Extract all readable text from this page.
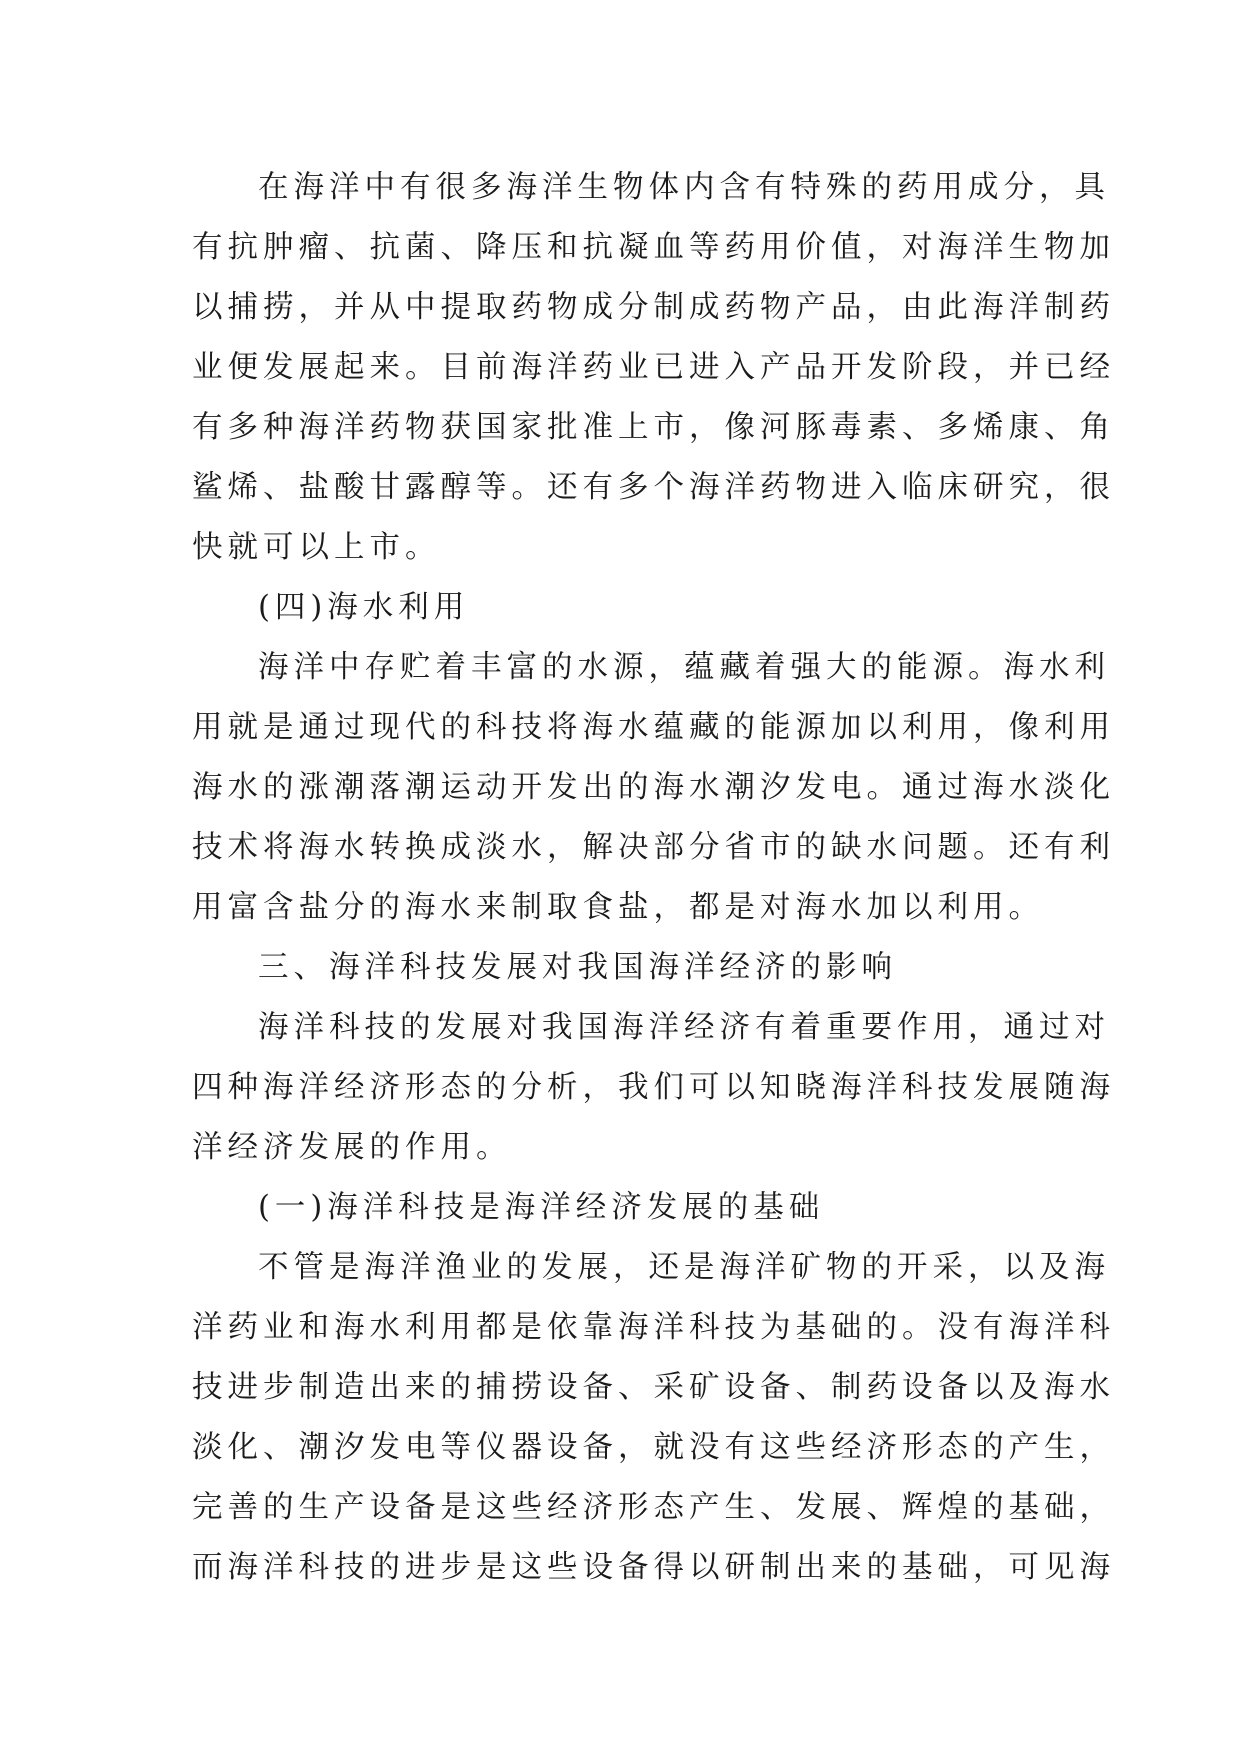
在海洋中有很多海洋生物体内含有特殊的药用成分，具
有抗肿瘤、抗菌、降压和抗凝血等药用价值，对海洋生物加
以捕捞，并从中提取药物成分制成药物产品，由此海洋制药
业便发展起来。目前海洋药业已进入产品开发阶段，并已经
有多种海洋药物获国家批准上市，像河豚毒素、多烯康、角
鲨烯、盐酸甘露醇等。还有多个海洋药物进入临床研究，很
快就可以上市。
(四)海水利用
海洋中存贮着丰富的水源，蕴藏着强大的能源。海水利
用就是通过现代的科技将海水蕴藏的能源加以利用，像利用
海水的涨潮落潮运动开发出的海水潮汐发电。通过海水淡化
技术将海水转换成淡水，解决部分省市的缺水问题。还有利
用富含盐分的海水来制取食盐，都是对海水加以利用。
三、海洋科技发展对我国海洋经济的影响
海洋科技的发展对我国海洋经济有着重要作用，通过对
四种海洋经济形态的分析，我们可以知晓海洋科技发展随海
洋经济发展的作用。
(一)海洋科技是海洋经济发展的基础
不管是海洋渔业的发展，还是海洋矿物的开采，以及海
洋药业和海水利用都是依靠海洋科技为基础的。没有海洋科
技进步制造出来的捕捞设备、采矿设备、制药设备以及海水
淡化、潮汐发电等仪器设备，就没有这些经济形态的产生，
完善的生产设备是这些经济形态产生、发展、辉煌的基础，
而海洋科技的进步是这些设备得以研制出来的基础，可见海
